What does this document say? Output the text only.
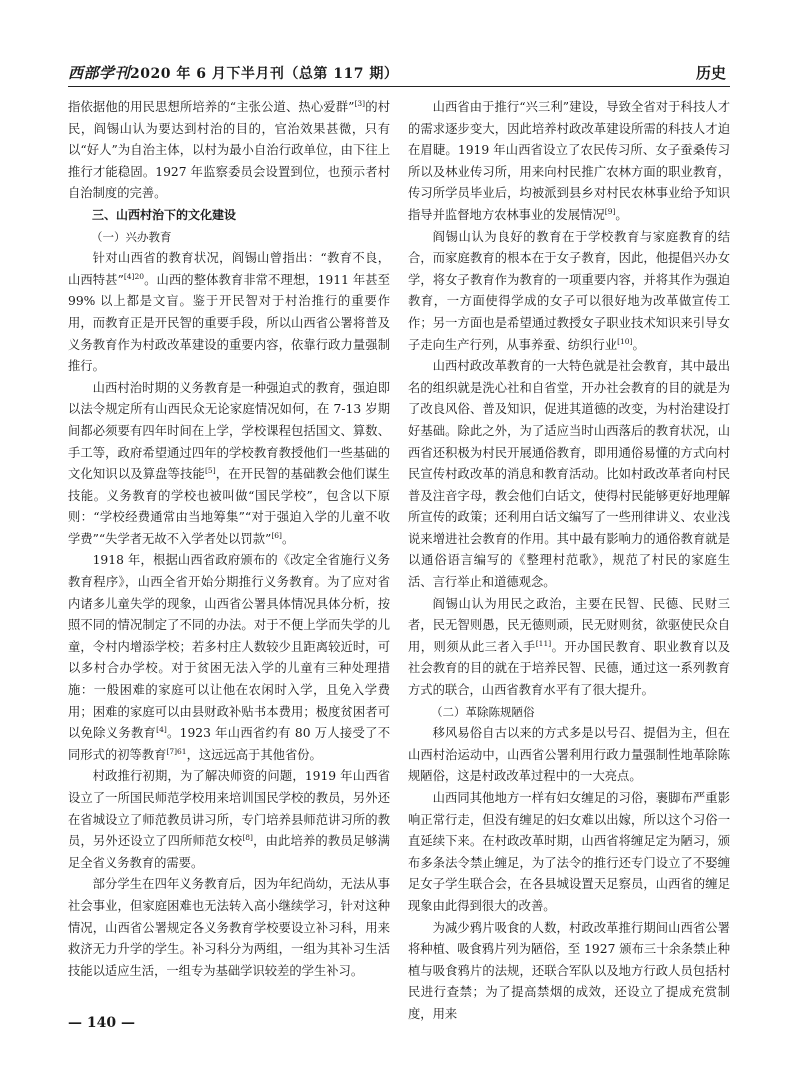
西部学刊2020 年 6 月下半月刊（总第 117 期）	历史

指依据他的用民思想所培养的“主张公道、热心爱群”[3]的村民，阎锡山认为要达到村治的目的，官治效果甚微，只有以“好人”为自治主体，以村为最小自治行政单位，由下往上推行才能稳固。1927 年监察委员会设置到位，也预示者村自治制度的完善。

三、山西村治下的文化建设

（一）兴办教育

针对山西省的教育状况，阎锡山曾指出：“教育不良，山西特甚”$^{[4]20}$。山西的整体教育非常不理想，1911 年甚至 99% 以上都是文盲。鉴于开民智对于村治推行的重要作用，而教育正是开民智的重要手段，所以山西省公署将普及义务教育作为村政改革建设的重要内容，依靠行政力量强制推行。

山西村治时期的义务教育是一种强迫式的教育，强迫即以法令规定所有山西民众无论家庭情况如何，在 7-13 岁期间都必须要有四年时间在上学，学校课程包括国文、算数、手工等，政府希望通过四年的学校教育教授他们一些基础的文化知识以及算盘等技能[5]，在开民智的基础教会他们谋生技能。义务教育的学校也被叫做“国民学校”，包含以下原则：“学校经费通常由当地筹集”“对于强迫入学的儿童不收学费”“失学者无故不入学者处以罚款”[6]。

1918 年，根据山西省政府颁布的《改定全省施行义务教育程序》，山西全省开始分期推行义务教育。为了应对省内诸多儿童失学的现象，山西省公署具体情况具体分析，按照不同的情况制定了不同的办法。对于不便上学而失学的儿童，令村内增添学校；若多村庄人数较少且距离较近时，可以多村合办学校。对于贫困无法入学的儿童有三种处理措施：一般困难的家庭可以让他在农闲时入学，且免入学费用；困难的家庭可以由县财政补贴书本费用；极度贫困者可以免除义务教育[4]。1923 年山西省约有 80 万人接受了不同形式的初等教育$^{[7]61}$，这远远高于其他省份。

村政推行初期，为了解决师资的问题，1919 年山西省设立了一所国民师范学校用来培训国民学校的教员，另外还在省城设立了师范教员讲习所，专门培养县师范讲习所的教员，另外还设立了四所师范女校[8]，由此培养的教员足够满足全省义务教育的需要。

部分学生在四年义务教育后，因为年纪尚幼，无法从事社会事业，但家庭困难也无法转入高小继续学习，针对这种情况，山西省公署规定各义务教育学校要设立补习科，用来救济无力升学的学生。补习科分为两组，一组为其补习生活技能以适应生活，一组专为基础学识较差的学生补习。

山西省由于推行“兴三利”建设，导致全省对于科技人才的需求逐步变大，因此培养村政改革建设所需的科技人才迫在眉睫。1919 年山西省设立了农民传习所、女子蚕桑传习所以及林业传习所，用来向村民推广农林方面的职业教育，传习所学员毕业后，均被派到县乡对村民农林事业给予知识指导并监督地方农林事业的发展情况[9]。

阎锡山认为良好的教育在于学校教育与家庭教育的结合，而家庭教育的根本在于女子教育，因此，他提倡兴办女学，将女子教育作为教育的一项重要内容，并将其作为强迫教育，一方面使得学成的女子可以很好地为改革做宣传工作；另一方面也是希望通过教授女子职业技术知识来引导女子走向生产行列，从事养蚕、纺织行业[10]。

山西村政改革教育的一大特色就是社会教育，其中最出名的组织就是洗心社和自省堂，开办社会教育的目的就是为了改良风俗、普及知识，促进其道德的改变，为村治建设打好基础。除此之外，为了适应当时山西落后的教育状况，山西省还积极为村民开展通俗教育，即用通俗易懂的方式向村民宣传村政改革的消息和教育活动。比如村政改革者向村民普及注音字母，教会他们白话文，使得村民能够更好地理解所宣传的政策；还利用白话文编写了一些刑律讲义、农业浅说来增进社会教育的作用。其中最有影响力的通俗教育就是以通俗语言编写的《整理村范歌》，规范了村民的家庭生活、言行举止和道德观念。

阎锡山认为用民之政治，主要在民智、民德、民财三者，民无智则愚，民无德则顽，民无财则贫，欲驱使民众自用，则须从此三者入手[11]。开办国民教育、职业教育以及社会教育的目的就在于培养民智、民德，通过这一系列教育方式的联合，山西省教育水平有了很大提升。

（二）革除陈规陋俗

移风易俗自古以来的方式多是以号召、提倡为主，但在山西村治运动中，山西省公署利用行政力量强制性地革除陈规陋俗，这是村政改革过程中的一大亮点。

山西同其他地方一样有妇女缠足的习俗，裹脚布严重影响正常行走，但没有缠足的妇女难以出嫁，所以这个习俗一直延续下来。在村政改革时期，山西省将缠足定为陋习，颁布多条法令禁止缠足，为了法令的推行还专门设立了不娶缠足女子学生联合会，在各县城设置天足察员，山西省的缠足现象由此得到很大的改善。

为减少鸦片吸食的人数，村政改革推行期间山西省公署将种植、吸食鸦片列为陋俗，至 1927 颁布三十余条禁止种植与吸食鸦片的法规，还联合军队以及地方行政人员包括村民进行查禁；为了提高禁烟的成效，还设立了提成充赏制度，用来

— 140 —
